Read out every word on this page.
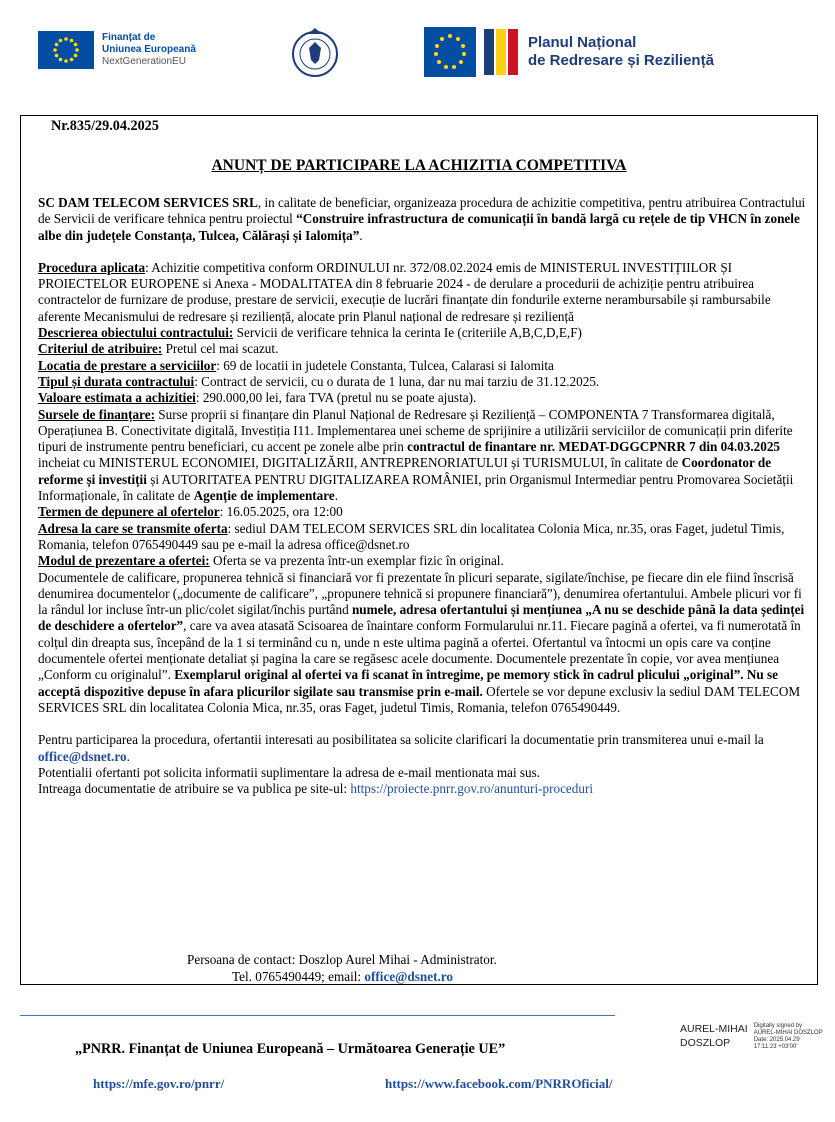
Finanțat de
Uniunea Europeană
NextGenerationEU
Planul Național
de Redresare și Reziliență
Nr.835/29.04.2025
ANUNȚ DE PARTICIPARE LA ACHIZITIA COMPETITIVA

SC DAM TELECOM SERVICES SRL, in calitate de beneficiar, organizeaza procedura de achizitie competitiva, pentru atribuirea Contractului de Servicii de verificare tehnica pentru proiectul “Construire infrastructura de comunicații în bandă largă cu rețele de tip VHCN în zonele albe din județele Constanța, Tulcea, Călărași și Ialomița”.

Procedura aplicata: Achizitie competitiva conform ORDINULUI nr. 372/08.02.2024 emis de MINISTERUL INVESTIȚIILOR ȘI PROIECTELOR EUROPENE si Anexa - MODALITATEA din 8 februarie 2024 - de derulare a procedurii de achiziție pentru atribuirea contractelor de furnizare de produse, prestare de servicii, execuție de lucrări finanțate din fondurile externe nerambursabile și rambursabile aferente Mecanismului de redresare și reziliență, alocate prin Planul național de redresare și reziliență

Descrierea obiectului contractului: Servicii de verificare tehnica la cerinta Ie (criteriile A,B,C,D,E,F)

Criteriul de atribuire: Pretul cel mai scazut.

Locatia de prestare a serviciilor: 69 de locatii in judetele Constanta, Tulcea, Calarasi si Ialomita

Tipul și durata contractului: Contract de servicii, cu o durata de 1 luna, dar nu mai tarziu de 31.12.2025.

Valoare estimata a achizitiei: 290.000,00 lei, fara TVA (pretul nu se poate ajusta).

Sursele de finanțare: Surse proprii si finanțare din Planul Național de Redresare și Reziliență – COMPONENTA 7 Transformarea digitală, Operațiunea B. Conectivitate digitală, Investiția I11. Implementarea unei scheme de sprijinire a utilizării serviciilor de comunicații prin diferite tipuri de instrumente pentru beneficiari, cu accent pe zonele albe prin contractul de finantare nr. MEDAT-DGGCPNRR 7 din 04.03.2025 incheiat cu MINISTERUL ECONOMIEI, DIGITALIZĂRII, ANTREPRENORIATULUI și TURISMULUI, în calitate de Coordonator de reforme și investiții și AUTORITATEA PENTRU DIGITALIZAREA ROMÂNIEI, prin Organismul Intermediar pentru Promovarea Societății Informaționale, în calitate de Agenție de implementare.

Termen de depunere al ofertelor: 16.05.2025, ora 12:00

Adresa la care se transmite oferta: sediul DAM TELECOM SERVICES SRL din localitatea Colonia Mica, nr.35, oras Faget, judetul Timis, Romania, telefon 0765490449 sau pe e-mail la adresa office@dsnet.ro

Modul de prezentare a ofertei: Oferta se va prezenta într-un exemplar fizic în original.

Documentele de calificare, propunerea tehnică si financiară vor fi prezentate în plicuri separate, sigilate/închise, pe fiecare din ele fiind înscrisă denumirea documentelor („documente de calificare”, „propunere tehnică si propunere financiară”), denumirea ofertantului. Ambele plicuri vor fi la rândul lor incluse într-un plic/colet sigilat/închis purtând numele, adresa ofertantului și mențiunea „A nu se deschide până la data ședinței de deschidere a ofertelor”, care va avea atasată Scisoarea de înaintare conform Formularului nr.11. Fiecare pagină a ofertei, va fi numerotată în colțul din dreapta sus, începând de la 1 si terminând cu n, unde n este ultima pagină a ofertei. Ofertantul va întocmi un opis care va conține documentele ofertei menționate detaliat și pagina la care se regăsesc acele documente. Documentele prezentate în copie, vor avea mențiunea „Conform cu originalul”. Exemplarul original al ofertei va fi scanat în întregime, pe memory stick în cadrul plicului „original”. Nu se acceptă dispozitive depuse în afara plicurilor sigilate sau transmise prin e-mail. Ofertele se vor depune exclusiv la sediul DAM TELECOM SERVICES SRL din localitatea Colonia Mica, nr.35, oras Faget, judetul Timis, Romania, telefon 0765490449.

Pentru participarea la procedura, ofertantii interesati au posibilitatea sa solicite clarificari la documentatie prin transmiterea unui e-mail la office@dsnet.ro.

Potentialii ofertanti pot solicita informatii suplimentare la adresa de e-mail mentionata mai sus.

Intreaga documentatie de atribuire se va publica pe site-ul: https://proiecte.pnrr.gov.ro/anunturi-proceduri

Persoana de contact: Doszlop Aurel Mihai - Administrator.
Tel. 0765490449; email: office@dsnet.ro
„PNRR. Finanțat de Uniunea Europeană – Următoarea Generație UE”
https://mfe.gov.ro/pnrr/	https://www.facebook.com/PNRROficial/
AUREL-MIHAI
DOSZLOP
Digitally signed by
AUREL-MIHAI DOSZLOP
Date: 2025.04.29
17:11:23 +03'00'
